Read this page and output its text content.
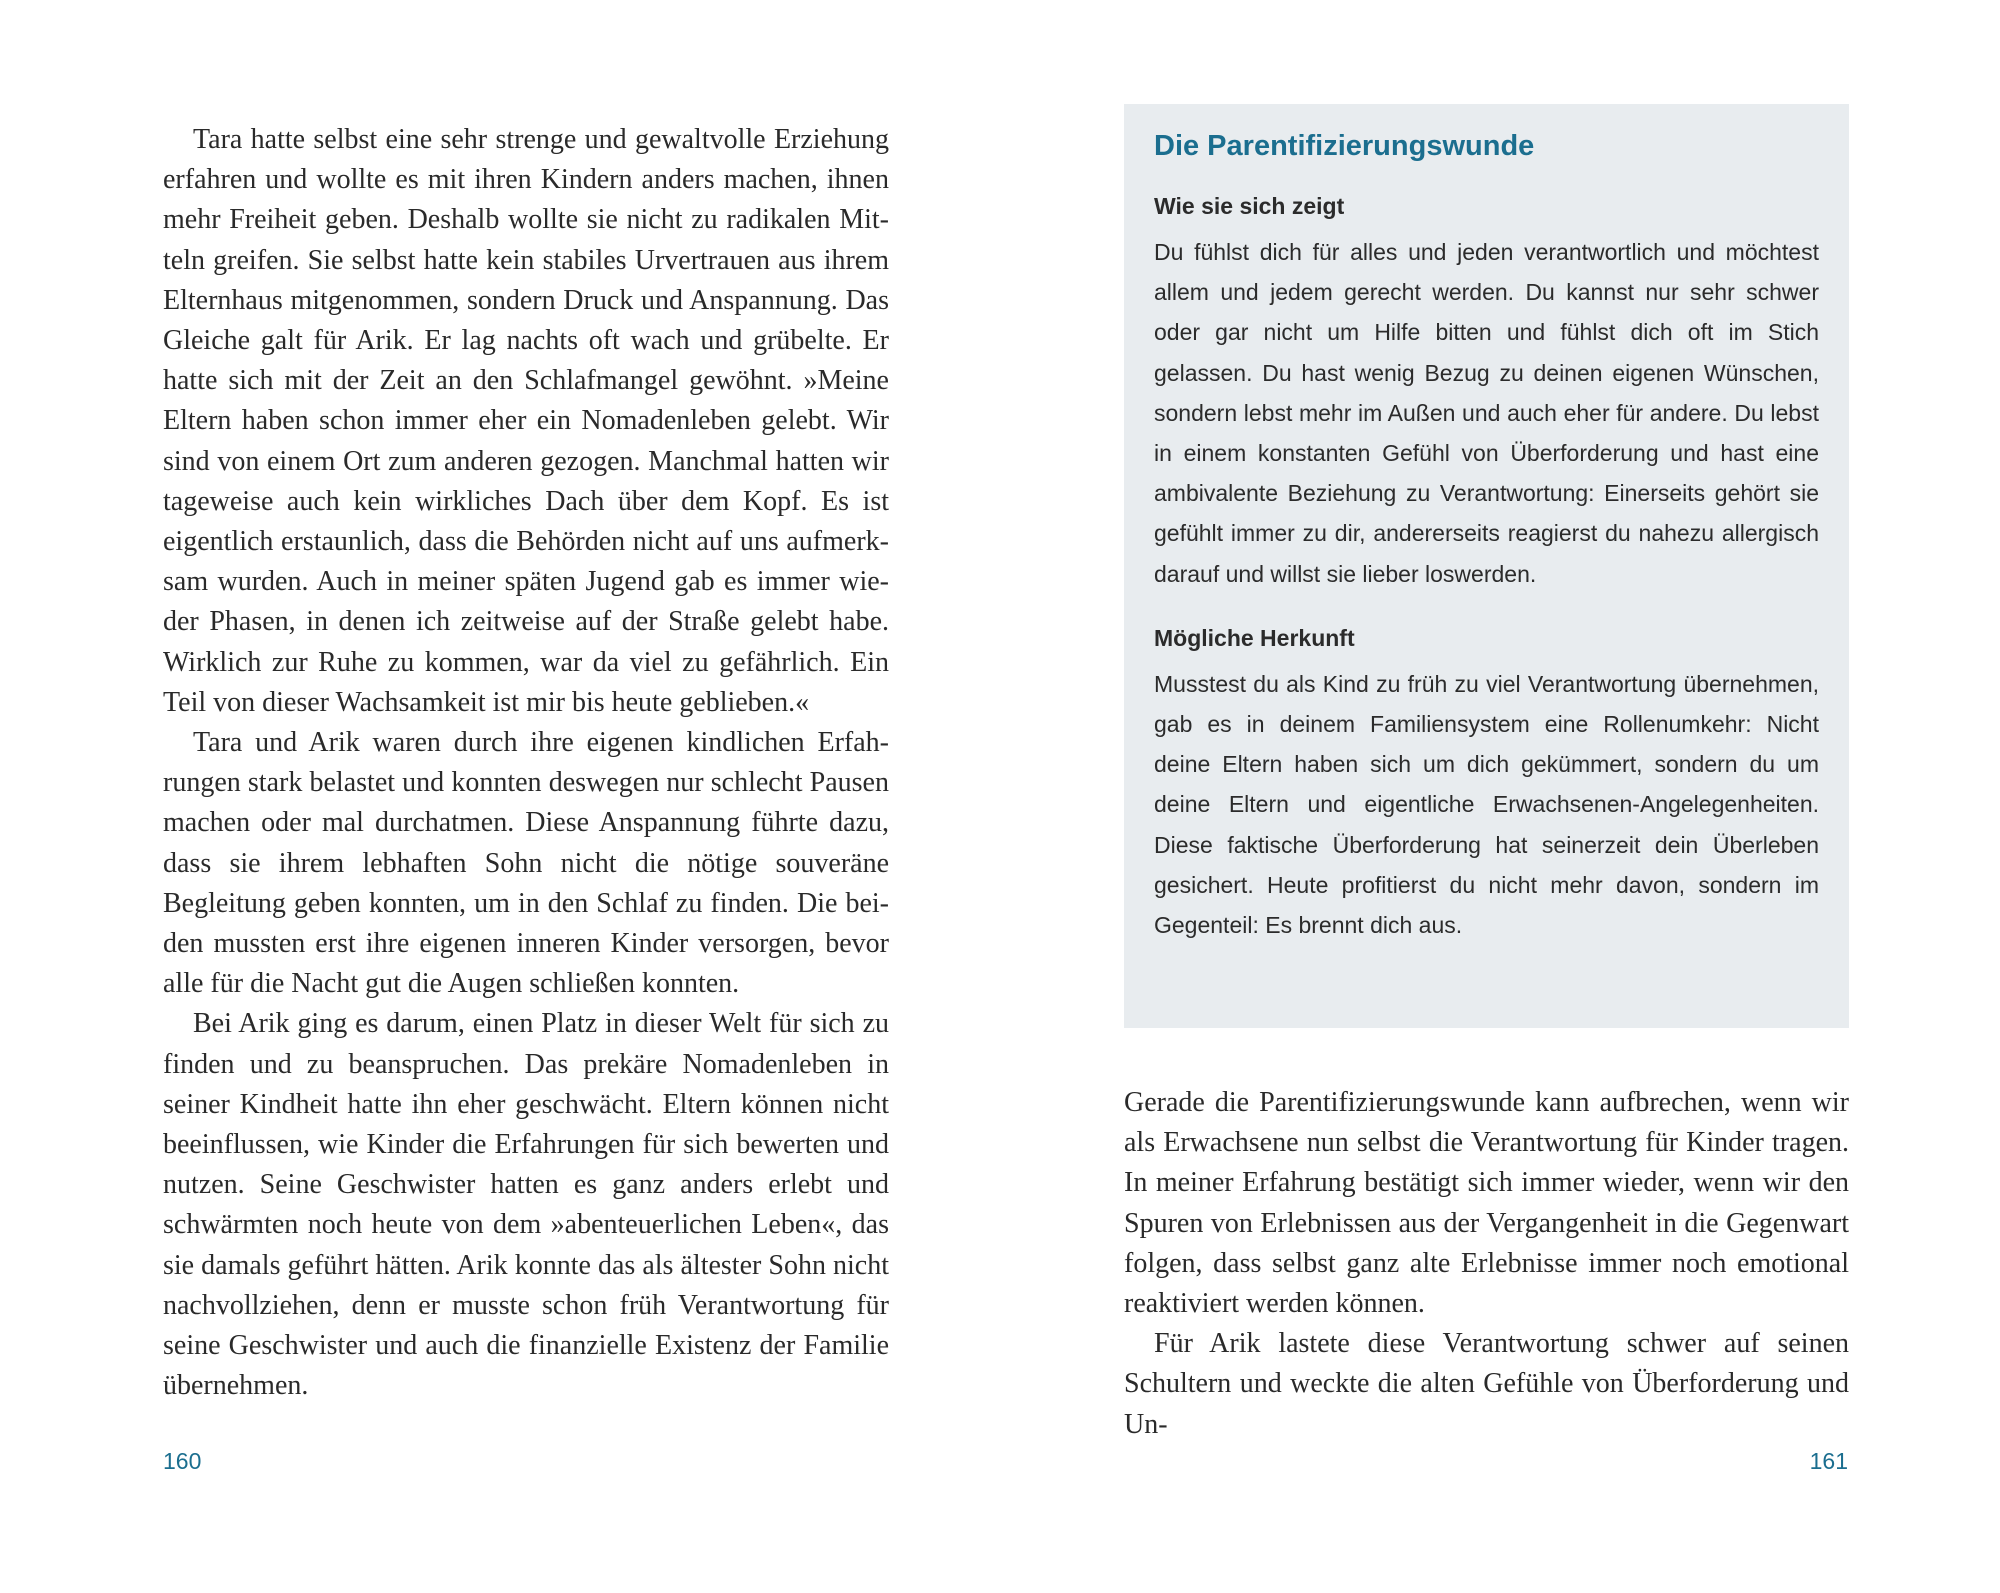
Tara hatte selbst eine sehr strenge und gewaltvolle Erziehung erfahren und wollte es mit ihren Kindern anders machen, ihnen mehr Freiheit geben. Deshalb wollte sie nicht zu radikalen Mitteln greifen. Sie selbst hatte kein stabiles Urvertrauen aus ihrem Elternhaus mitgenommen, sondern Druck und Anspannung. Das Gleiche galt für Arik. Er lag nachts oft wach und grübelte. Er hatte sich mit der Zeit an den Schlafmangel gewöhnt. »Meine Eltern haben schon immer eher ein Nomadenleben gelebt. Wir sind von einem Ort zum anderen gezogen. Manchmal hatten wir tageweise auch kein wirkliches Dach über dem Kopf. Es ist eigentlich erstaunlich, dass die Behörden nicht auf uns aufmerksam wurden. Auch in meiner späten Jugend gab es immer wieder Phasen, in denen ich zeitweise auf der Straße gelebt habe. Wirklich zur Ruhe zu kommen, war da viel zu gefährlich. Ein Teil von dieser Wachsamkeit ist mir bis heute geblieben.«

Tara und Arik waren durch ihre eigenen kindlichen Erfahrungen stark belastet und konnten deswegen nur schlecht Pausen machen oder mal durchatmen. Diese Anspannung führte dazu, dass sie ihrem lebhaften Sohn nicht die nötige souveräne Begleitung geben konnten, um in den Schlaf zu finden. Die beiden mussten erst ihre eigenen inneren Kinder versorgen, bevor alle für die Nacht gut die Augen schließen konnten.

Bei Arik ging es darum, einen Platz in dieser Welt für sich zu finden und zu beanspruchen. Das prekäre Nomadenleben in seiner Kindheit hatte ihn eher geschwächt. Eltern können nicht beeinflussen, wie Kinder die Erfahrungen für sich bewerten und nutzen. Seine Geschwister hatten es ganz anders erlebt und schwärmten noch heute von dem »abenteuerlichen Leben«, das sie damals geführt hätten. Arik konnte das als ältester Sohn nicht nachvollziehen, denn er musste schon früh Verantwortung für seine Geschwister und auch die finanzielle Existenz der Familie übernehmen.

160
Die Parentifizierungswunde
Wie sie sich zeigt

Du fühlst dich für alles und jeden verantwortlich und möchtest allem und jedem gerecht werden. Du kannst nur sehr schwer oder gar nicht um Hilfe bitten und fühlst dich oft im Stich gelassen. Du hast wenig Bezug zu deinen eigenen Wünschen, sondern lebst mehr im Außen und auch eher für andere. Du lebst in einem konstanten Gefühl von Überforderung und hast eine ambivalente Beziehung zu Verantwortung: Einerseits gehört sie gefühlt immer zu dir, andererseits reagierst du nahezu allergisch darauf und willst sie lieber loswerden.

Mögliche Herkunft

Musstest du als Kind zu früh zu viel Verantwortung übernehmen, gab es in deinem Familiensystem eine Rollenumkehr: Nicht deine Eltern haben sich um dich gekümmert, sondern du um deine Eltern und eigentliche Erwachsenen-Angelegenheiten. Diese faktische Überforderung hat seinerzeit dein Überleben gesichert. Heute profitierst du nicht mehr davon, sondern im Gegenteil: Es brennt dich aus.

Gerade die Parentifizierungswunde kann aufbrechen, wenn wir als Erwachsene nun selbst die Verantwortung für Kinder tragen. In meiner Erfahrung bestätigt sich immer wieder, wenn wir den Spuren von Erlebnissen aus der Vergangenheit in die Gegenwart folgen, dass selbst ganz alte Erlebnisse immer noch emotional reaktiviert werden können.

Für Arik lastete diese Verantwortung schwer auf seinen Schultern und weckte die alten Gefühle von Überforderung und Un-

161
